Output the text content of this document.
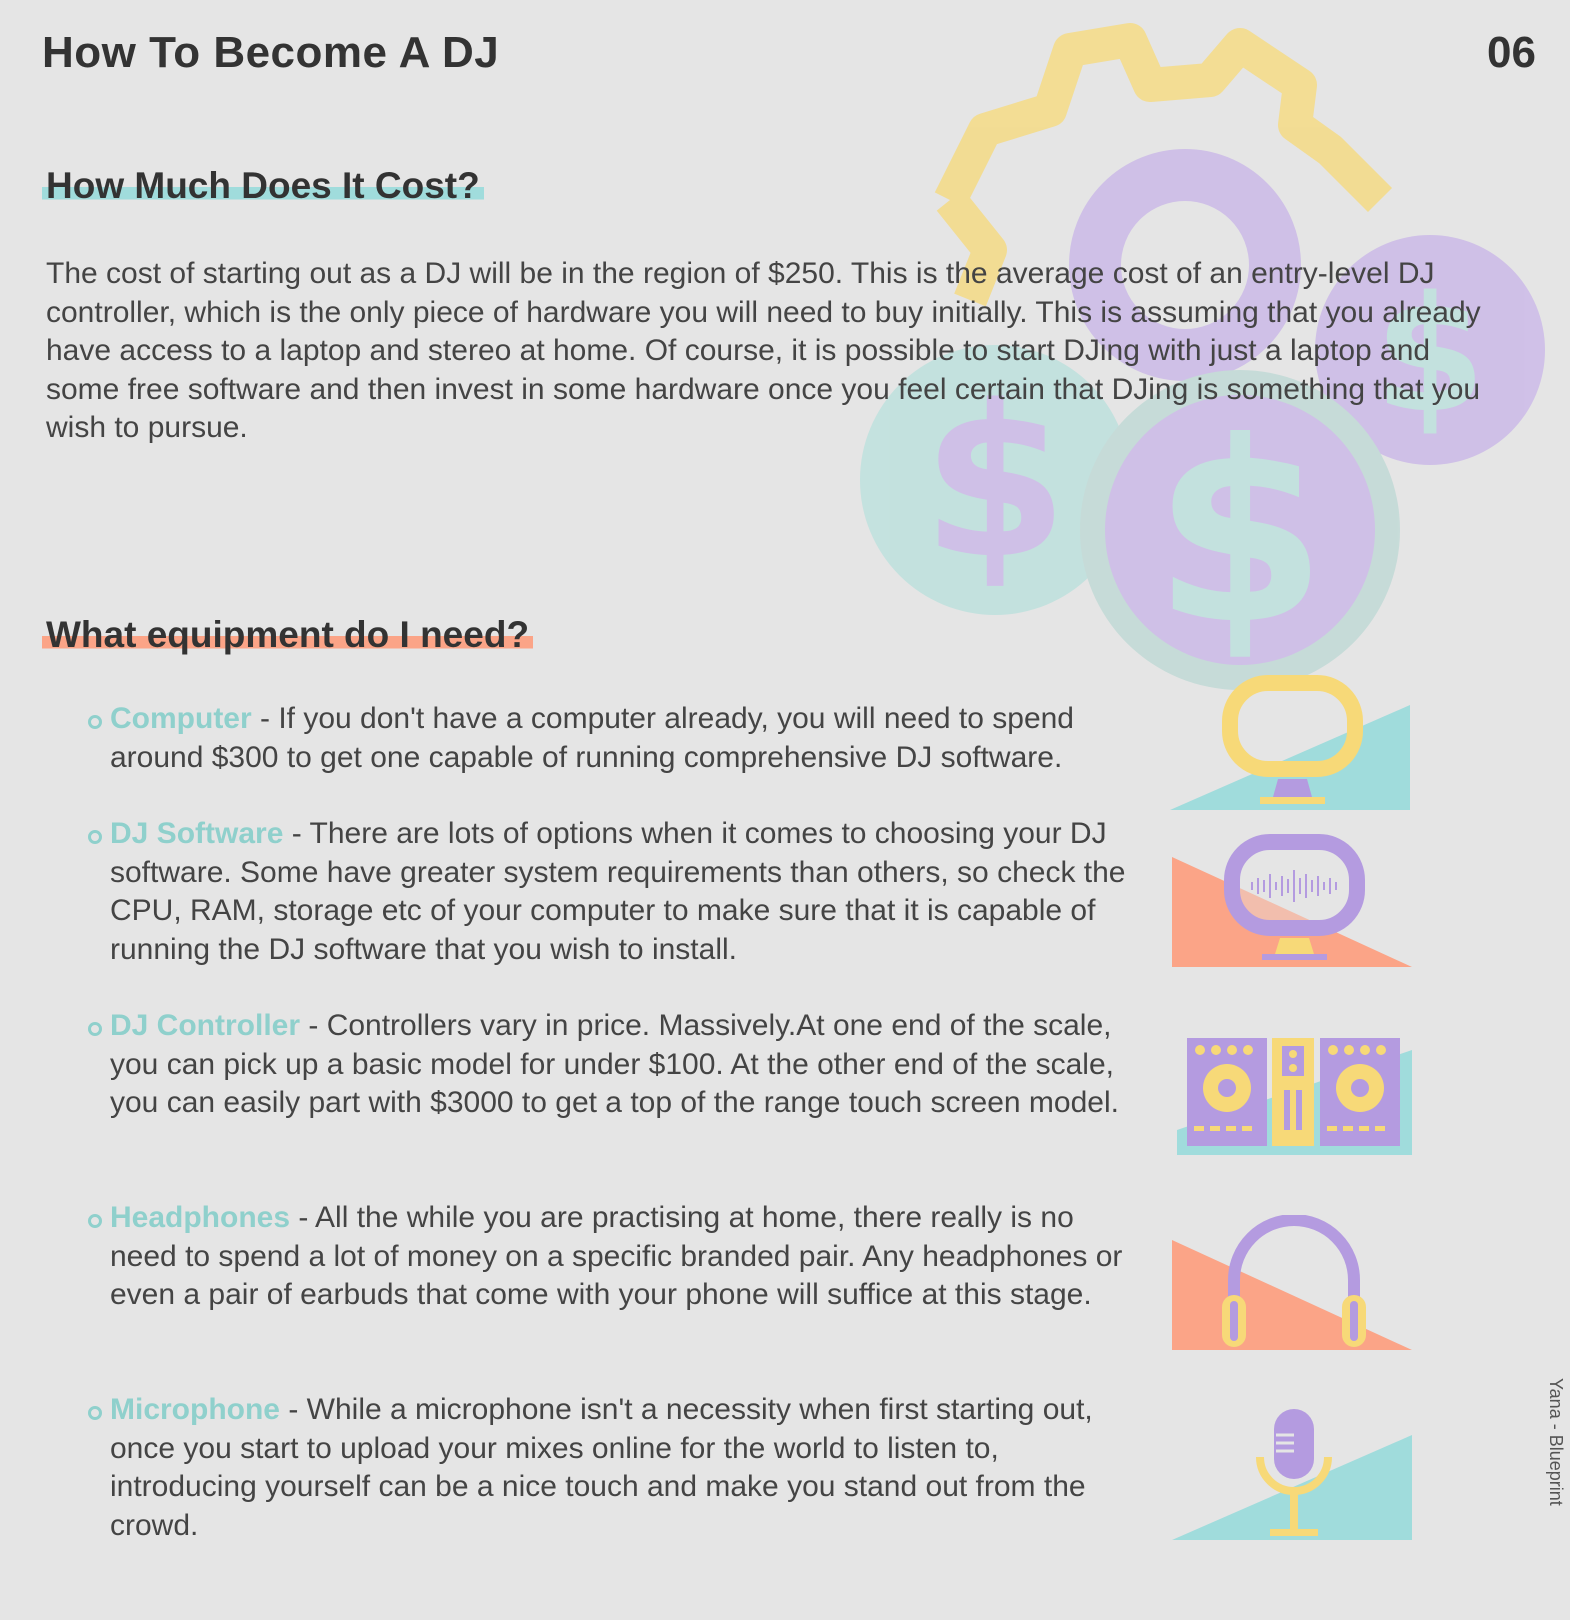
$
$ $
How To Become A DJ	06
How Much Does It Cost?
The cost of starting out as a DJ will be in the region of $250. This is the average cost of an entry-level DJ controller, which is the only piece of hardware you will need to buy initially. This is assuming that you already have access to a laptop and stereo at home. Of course, it is possible to start DJing with just a laptop and some free software and then invest in some hardware once you feel certain that DJing is something that you wish to pursue.
What equipment do I need?
Computer - If you don't have a computer already, you will need to spend around $300 to get one capable of running comprehensive DJ software.
DJ Software - There are lots of options when it comes to choosing your DJ software. Some have greater system requirements than others, so check the CPU, RAM, storage etc of your computer to make sure that it is capable of running the DJ software that you wish to install.
DJ Controller - Controllers vary in price. Massively.At one end of the scale, you can pick up a basic model for under $100. At the other end of the scale, you can easily part with $3000 to get a top of the range touch screen model.
Headphones - All the while you are practising at home, there really is no need to spend a lot of money on a specific branded pair. Any headphones or even a pair of earbuds that come with your phone will suffice at this stage.
Microphone - While a microphone isn't a necessity when first starting out, once you start to upload your mixes online for the world to listen to, introducing yourself can be a nice touch and make you stand out from the crowd.
Yana - Blueprint
